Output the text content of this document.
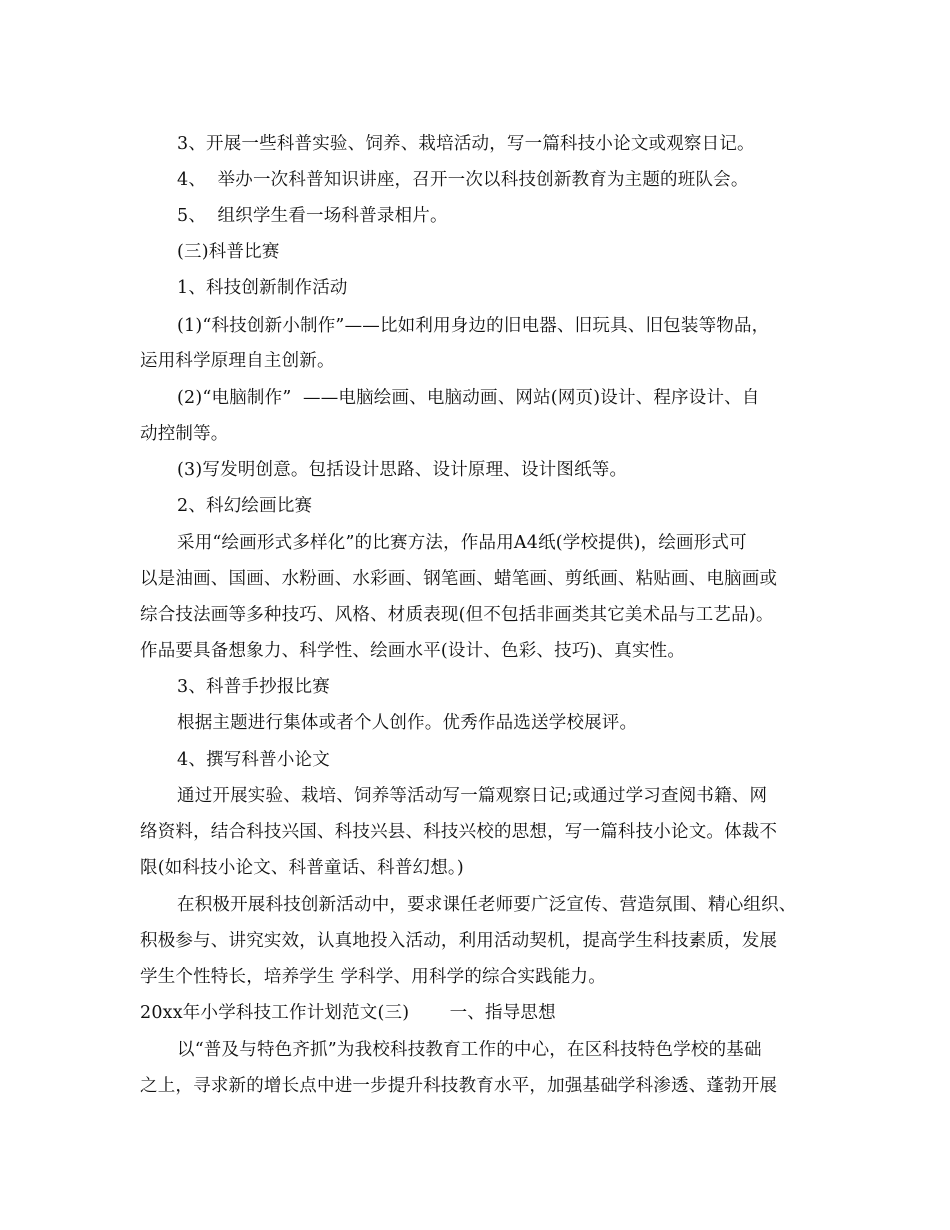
3、开展一些科普实验、饲养、栽培活动，写一篇科技小论文或观察日记。
4、  举办一次科普知识讲座，召开一次以科技创新教育为主题的班队会。
5、  组织学生看一场科普录相片。
(三)科普比赛
1、科技创新制作活动
(1)“科技创新小制作”——比如利用身边的旧电器、旧玩具、旧包装等物品，
运用科学原理自主创新。
(2)“电脑制作”  ——电脑绘画、电脑动画、网站(网页)设计、程序设计、自
动控制等。
(3)写发明创意。包括设计思路、设计原理、设计图纸等。
2、科幻绘画比赛
采用“绘画形式多样化”的比赛方法，作品用A4纸(学校提供)，绘画形式可
以是油画、国画、水粉画、水彩画、钢笔画、蜡笔画、剪纸画、粘贴画、电脑画或
综合技法画等多种技巧、风格、材质表现(但不包括非画类其它美术品与工艺品)。
作品要具备想象力、科学性、绘画水平(设计、色彩、技巧)、真实性。
3、科普手抄报比赛
根据主题进行集体或者个人创作。优秀作品选送学校展评。
4、撰写科普小论文
通过开展实验、栽培、饲养等活动写一篇观察日记;或通过学习查阅书籍、网
络资料，结合科技兴国、科技兴县、科技兴校的思想，写一篇科技小论文。体裁不
限(如科技小论文、科普童话、科普幻想。)
在积极开展科技创新活动中，要求课任老师要广泛宣传、营造氛围、精心组织、
积极参与、讲究实效，认真地投入活动，利用活动契机，提高学生科技素质，发展
学生个性特长，培养学生 学科学、用科学的综合实践能力。
20xx年小学科技工作计划范文(三)       一、指导思想
以“普及与特色齐抓”为我校科技教育工作的中心，在区科技特色学校的基础
之上，寻求新的增长点中进一步提升科技教育水平，加强基础学科渗透、蓬勃开展
